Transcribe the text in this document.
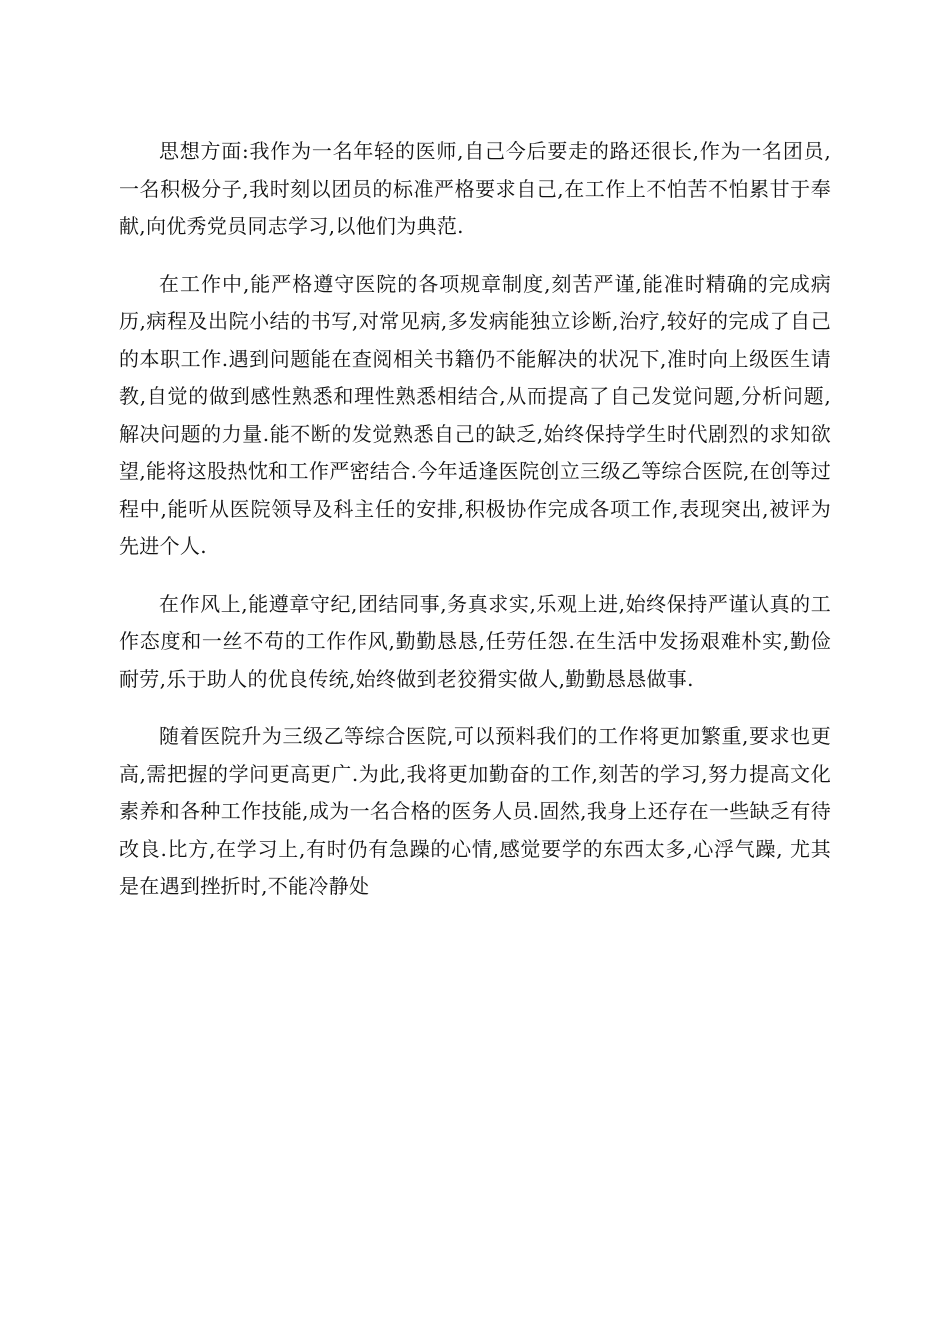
思想方面:我作为一名年轻的医师,自己今后要走的路还很长,作为一名团员,一名积极分子,我时刻以团员的标准严格要求自己,在工作上不怕苦不怕累甘于奉献,向优秀党员同志学习,以他们为典范.

在工作中,能严格遵守医院的各项规章制度,刻苦严谨,能准时精确的完成病历,病程及出院小结的书写,对常见病,多发病能独立诊断,治疗,较好的完成了自己的本职工作.遇到问题能在查阅相关书籍仍不能解决的状况下,准时向上级医生请教,自觉的做到感性熟悉和理性熟悉相结合,从而提高了自己发觉问题,分析问题,解决问题的力量.能不断的发觉熟悉自己的缺乏,始终保持学生时代剧烈的求知欲望,能将这股热忱和工作严密结合.今年适逢医院创立三级乙等综合医院,在创等过程中,能听从医院领导及科主任的安排,积极协作完成各项工作,表现突出,被评为先进个人.

在作风上,能遵章守纪,团结同事,务真求实,乐观上进,始终保持严谨认真的工作态度和一丝不苟的工作作风,勤勤恳恳,任劳任怨.在生活中发扬艰难朴实,勤俭耐劳,乐于助人的优良传统,始终做到老狡猾实做人,勤勤恳恳做事.

随着医院升为三级乙等综合医院,可以预料我们的工作将更加繁重,要求也更高,需把握的学问更高更广.为此,我将更加勤奋的工作,刻苦的学习,努力提高文化素养和各种工作技能,成为一名合格的医务人员.固然,我身上还存在一些缺乏有待改良.比方,在学习上,有时仍有急躁的心情,感觉要学的东西太多,心浮气躁, 尤其是在遇到挫折时,不能冷静处
